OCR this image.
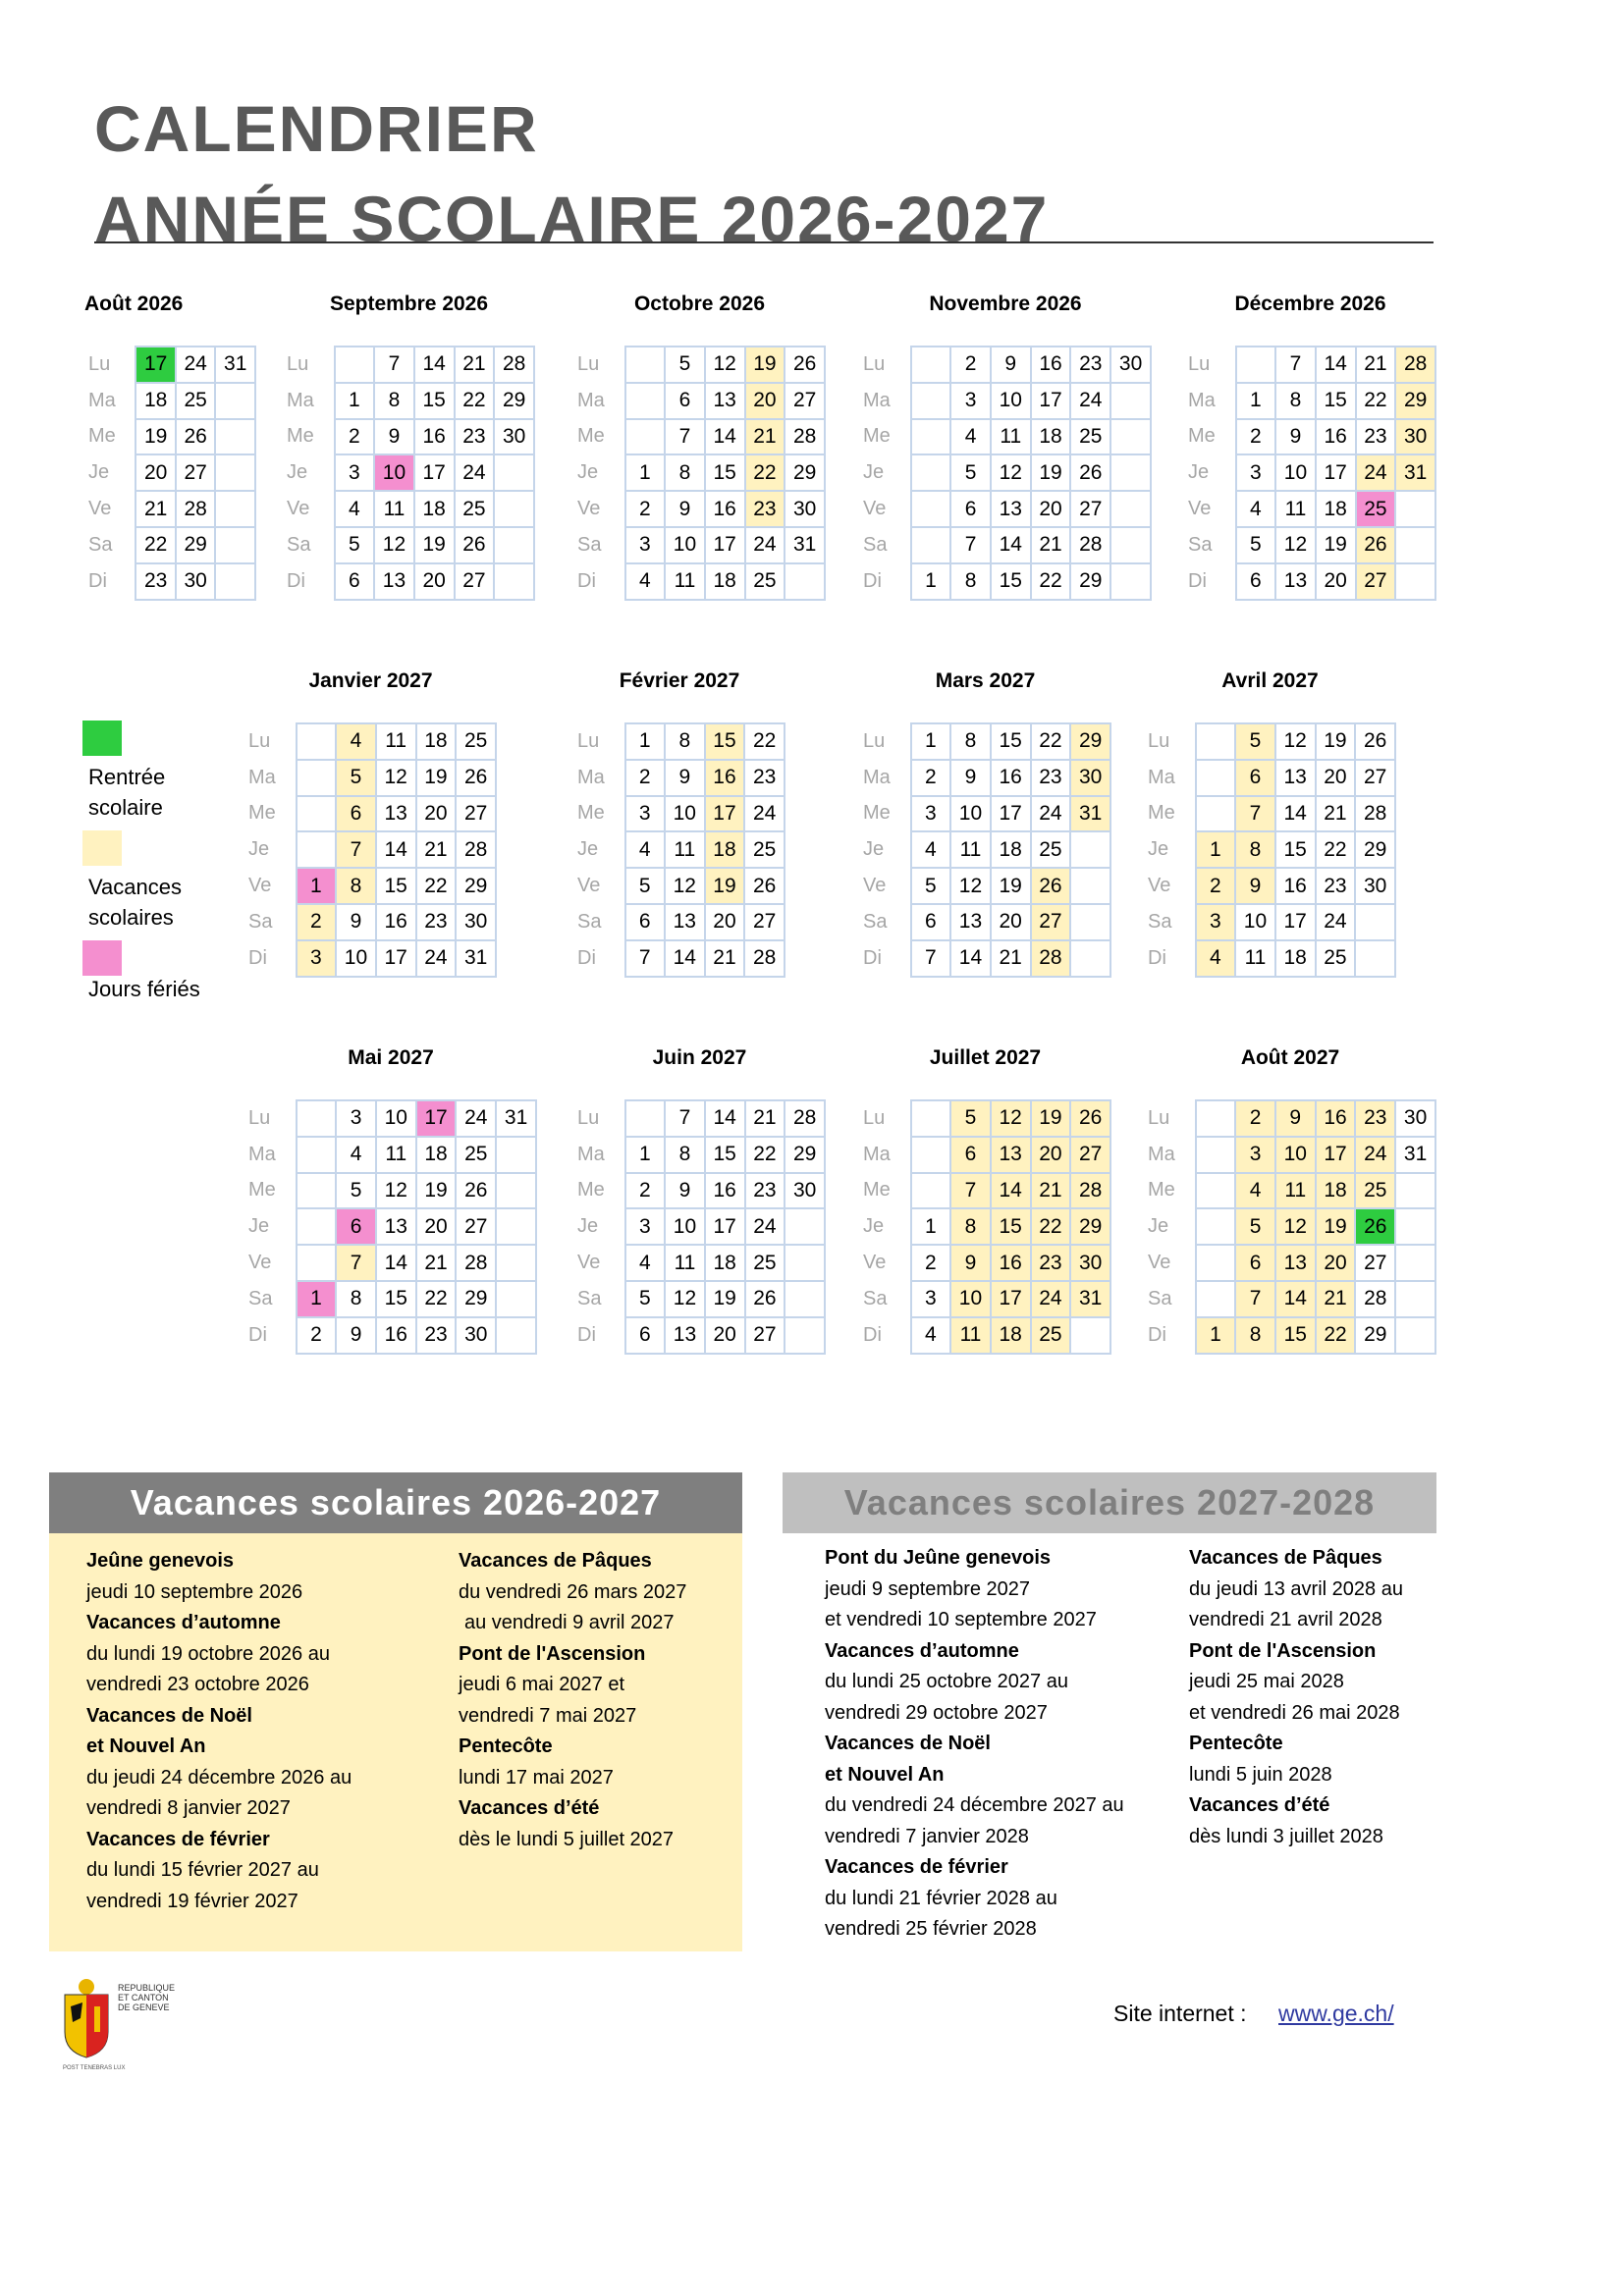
CALENDRIER
ANNÉE SCOLAIRE 2026-2027
Août 2026
Lu	17	24	31
Ma	18	25	
Me	19	26	
Je	20	27	
Ve	21	28	
Sa	22	29	
Di	23	30	
Septembre 2026
Lu		7	14	21	28
Ma	1	8	15	22	29
Me	2	9	16	23	30
Je	3	10	17	24	
Ve	4	11	18	25	
Sa	5	12	19	26	
Di	6	13	20	27	
Octobre 2026
Lu		5	12	19	26
Ma		6	13	20	27
Me		7	14	21	28
Je	1	8	15	22	29
Ve	2	9	16	23	30
Sa	3	10	17	24	31
Di	4	11	18	25	
Novembre 2026
Lu		2	9	16	23	30
Ma		3	10	17	24	
Me		4	11	18	25	
Je		5	12	19	26	
Ve		6	13	20	27	
Sa		7	14	21	28	
Di	1	8	15	22	29	
Décembre 2026
Lu		7	14	21	28
Ma	1	8	15	22	29
Me	2	9	16	23	30
Je	3	10	17	24	31
Ve	4	11	18	25	
Sa	5	12	19	26	
Di	6	13	20	27	
Janvier 2027
Lu		4	11	18	25
Ma		5	12	19	26
Me		6	13	20	27
Je		7	14	21	28
Ve	1	8	15	22	29
Sa	2	9	16	23	30
Di	3	10	17	24	31
Février 2027
Lu	1	8	15	22
Ma	2	9	16	23
Me	3	10	17	24
Je	4	11	18	25
Ve	5	12	19	26
Sa	6	13	20	27
Di	7	14	21	28
Mars 2027
Lu	1	8	15	22	29
Ma	2	9	16	23	30
Me	3	10	17	24	31
Je	4	11	18	25	
Ve	5	12	19	26	
Sa	6	13	20	27	
Di	7	14	21	28	
Avril 2027
Lu		5	12	19	26
Ma		6	13	20	27
Me		7	14	21	28
Je	1	8	15	22	29
Ve	2	9	16	23	30
Sa	3	10	17	24	
Di	4	11	18	25	
Mai 2027
Lu		3	10	17	24	31
Ma		4	11	18	25	
Me		5	12	19	26	
Je		6	13	20	27	
Ve		7	14	21	28	
Sa	1	8	15	22	29	
Di	2	9	16	23	30	
Juin 2027
Lu		7	14	21	28
Ma	1	8	15	22	29
Me	2	9	16	23	30
Je	3	10	17	24	
Ve	4	11	18	25	
Sa	5	12	19	26	
Di	6	13	20	27	
Juillet 2027
Lu		5	12	19	26
Ma		6	13	20	27
Me		7	14	21	28
Je	1	8	15	22	29
Ve	2	9	16	23	30
Sa	3	10	17	24	31
Di	4	11	18	25	
Août 2027
Lu		2	9	16	23	30
Ma		3	10	17	24	31
Me		4	11	18	25	
Je		5	12	19	26	
Ve		6	13	20	27	
Sa		7	14	21	28	
Di	1	8	15	22	29	
Rentrée
scolaire
Vacances
scolaires
Jours fériés
Vacances scolaires 2026-2027
Jeûne genevois
jeudi 10 septembre 2026
Vacances d’automne
du lundi 19 octobre 2026 au
vendredi 23 octobre 2026
Vacances de Noël
et Nouvel An
du jeudi 24 décembre 2026 au
vendredi 8 janvier 2027
Vacances de février
du lundi 15 février 2027 au
vendredi 19 février 2027
Vacances de Pâques
du vendredi 26 mars 2027
au vendredi 9 avril 2027
Pont de l'Ascension
jeudi 6 mai 2027 et
vendredi 7 mai 2027
Pentecôte
lundi 17 mai 2027
Vacances d’été
dès le lundi 5 juillet 2027
Vacances scolaires 2027-2028
Pont du Jeûne genevois
jeudi 9 septembre 2027
et vendredi 10 septembre 2027
Vacances d’automne
du lundi 25 octobre 2027 au
vendredi 29 octobre 2027
Vacances de Noël
et Nouvel An
du vendredi 24 décembre 2027 au
vendredi 7 janvier 2028
Vacances de février
du lundi 21 février 2028 au
vendredi 25 février 2028
Vacances de Pâques
du jeudi 13 avril 2028 au
vendredi 21 avril 2028
Pont de l'Ascension
jeudi 25 mai 2028
et vendredi 26 mai 2028
Pentecôte
lundi 5 juin 2028
Vacances d’été
dès lundi 3 juillet 2028
REPUBLIQUE
ET CANTON
DE GENEVE
POST TENEBRAS LUX
Site internet : www.ge.ch/
